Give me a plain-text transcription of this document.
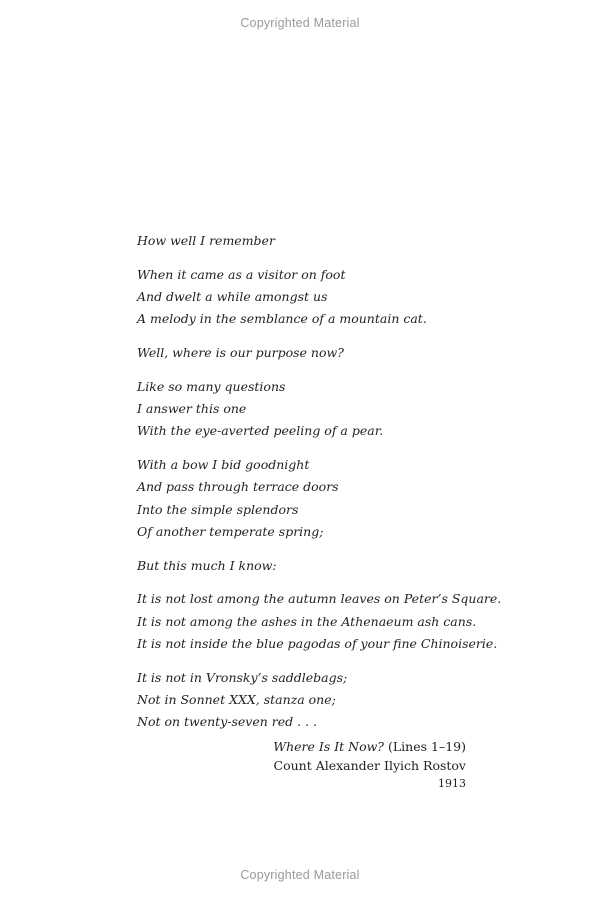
Copyrighted Material
How well I remember
When it came as a visitor on foot
And dwelt a while amongst us
A melody in the semblance of a mountain cat.
Well, where is our purpose now?
Like so many questions
I answer this one
With the eye-averted peeling of a pear.
With a bow I bid goodnight
And pass through terrace doors
Into the simple splendors
Of another temperate spring;
But this much I know:
It is not lost among the autumn leaves on Peter’s Square.
It is not among the ashes in the Athenaeum ash cans.
It is not inside the blue pagodas of your fine Chinoiserie.
It is not in Vronsky’s saddlebags;
Not in Sonnet XXX, stanza one;
Not on twenty-seven red . . .
Where Is It Now? (Lines 1–19)
Count Alexander Ilyich Rostov
1913
Copyrighted Material
